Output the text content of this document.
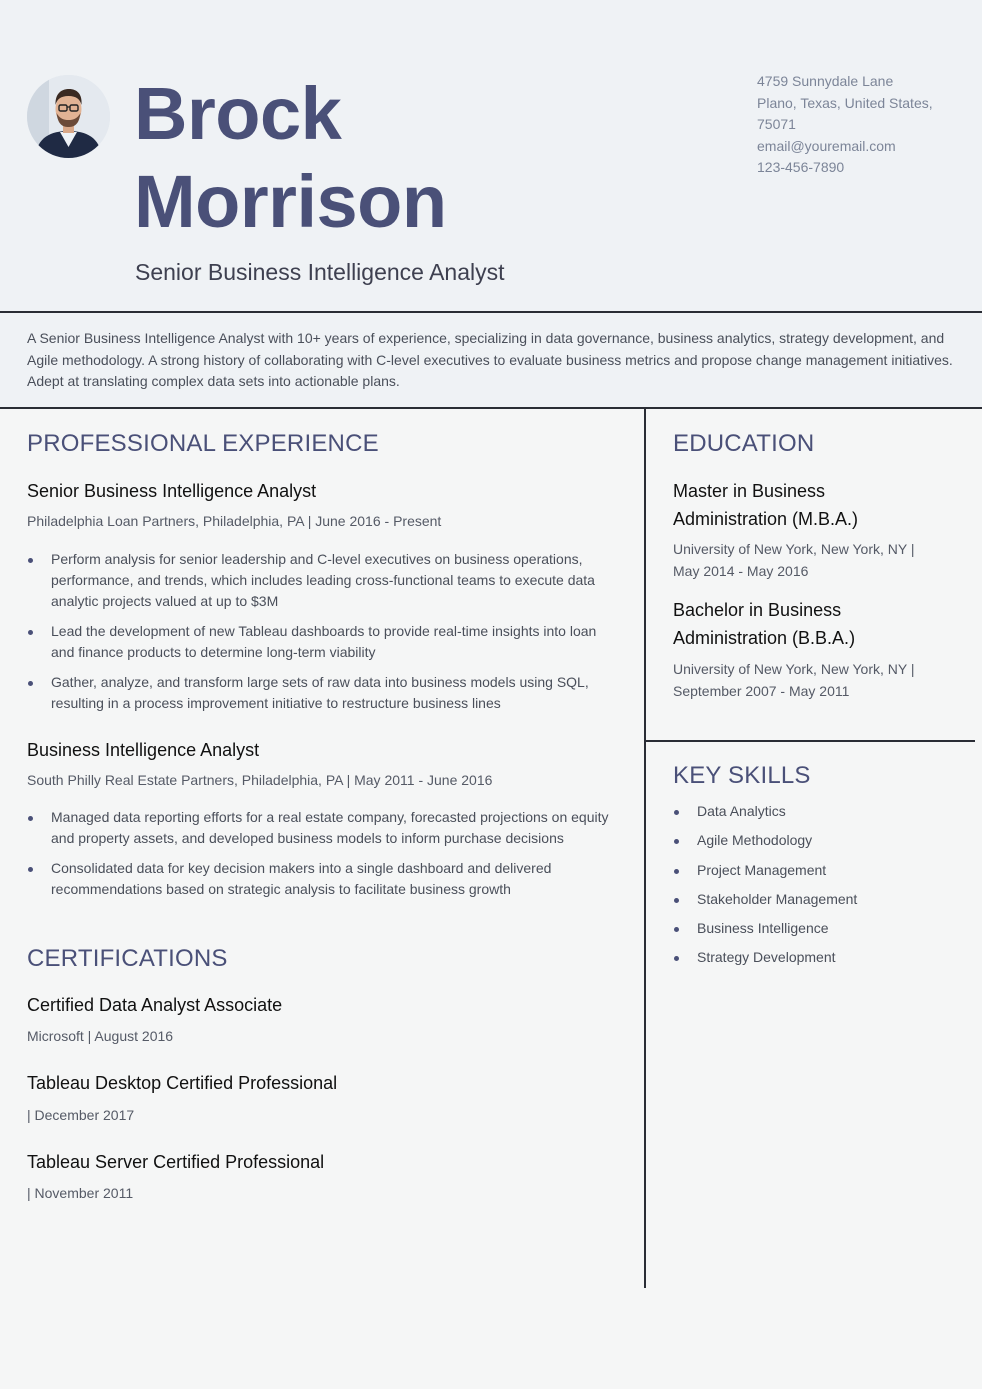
Brock
Morrison
Senior Business Intelligence Analyst
4759 Sunnydale Lane
Plano, Texas, United States,
75071
email@youremail.com
123-456-7890
A Senior Business Intelligence Analyst with 10+ years of experience, specializing in data governance, business analytics, strategy development, and Agile methodology. A strong history of collaborating with C-level executives to evaluate business metrics and propose change management initiatives. Adept at translating complex data sets into actionable plans.
PROFESSIONAL EXPERIENCE
Senior Business Intelligence Analyst
Philadelphia Loan Partners, Philadelphia, PA | June 2016 - Present
Perform analysis for senior leadership and C-level executives on business operations, performance, and trends, which includes leading cross-functional teams to execute data analytic projects valued at up to $3M
Lead the development of new Tableau dashboards to provide real-time insights into loan and finance products to determine long-term viability
Gather, analyze, and transform large sets of raw data into business models using SQL, resulting in a process improvement initiative to restructure business lines
Business Intelligence Analyst
South Philly Real Estate Partners, Philadelphia, PA | May 2011 - June 2016
Managed data reporting efforts for a real estate company, forecasted projections on equity and property assets, and developed business models to inform purchase decisions
Consolidated data for key decision makers into a single dashboard and delivered recommendations based on strategic analysis to facilitate business growth
CERTIFICATIONS
Certified Data Analyst Associate
Microsoft | August 2016
Tableau Desktop Certified Professional
| December 2017
Tableau Server Certified Professional
| November 2011
EDUCATION
Master in Business Administration (M.B.A.)
University of New York, New York, NY | May 2014 - May 2016
Bachelor in Business Administration (B.B.A.)
University of New York, New York, NY | September 2007 - May 2011
KEY SKILLS
Data Analytics
Agile Methodology
Project Management
Stakeholder Management
Business Intelligence
Strategy Development
